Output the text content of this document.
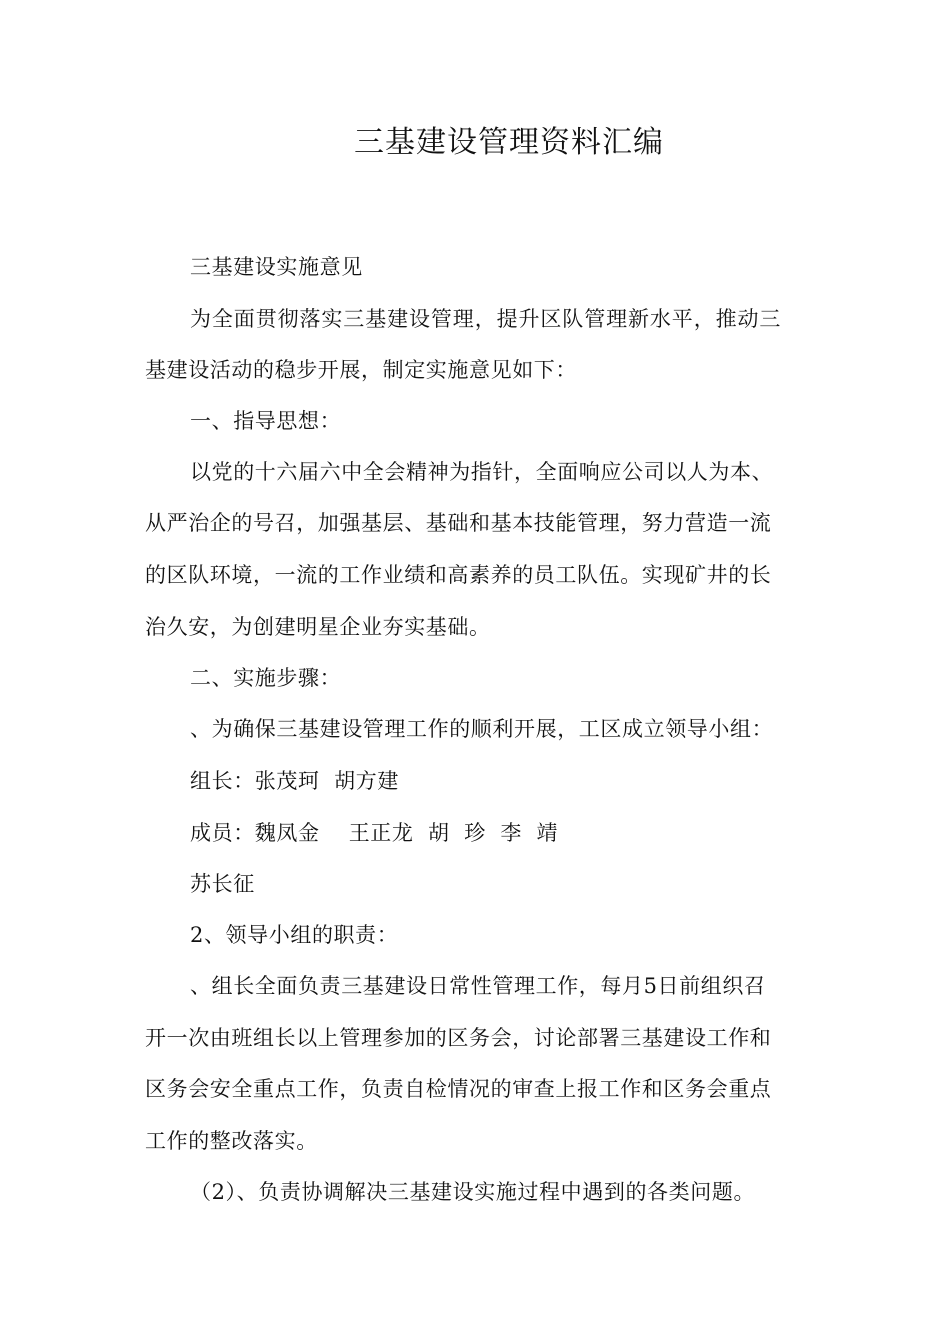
三基建设管理资料汇编
三基建设实施意见
为全面贯彻落实三基建设管理，提升区队管理新水平，推动三
基建设活动的稳步开展，制定实施意见如下：
一、指导思想：
以党的十六届六中全会精神为指针，全面响应公司以人为本、
从严治企的号召，加强基层、基础和基本技能管理，努力营造一流
的区队环境，一流的工作业绩和高素养的员工队伍。实现矿井的长
治久安，为创建明星企业夯实基础。
二、实施步骤：
、为确保三基建设管理工作的顺利开展，工区成立领导小组：
组长：张茂珂  胡方建
成员：魏凤金    王正龙  胡  珍  李  靖
苏长征
2、领导小组的职责：
、组长全面负责三基建设日常性管理工作，每月5日前组织召
开一次由班组长以上管理参加的区务会，讨论部署三基建设工作和
区务会安全重点工作，负责自检情况的审查上报工作和区务会重点
工作的整改落实。
（2）、负责协调解决三基建设实施过程中遇到的各类问题。
